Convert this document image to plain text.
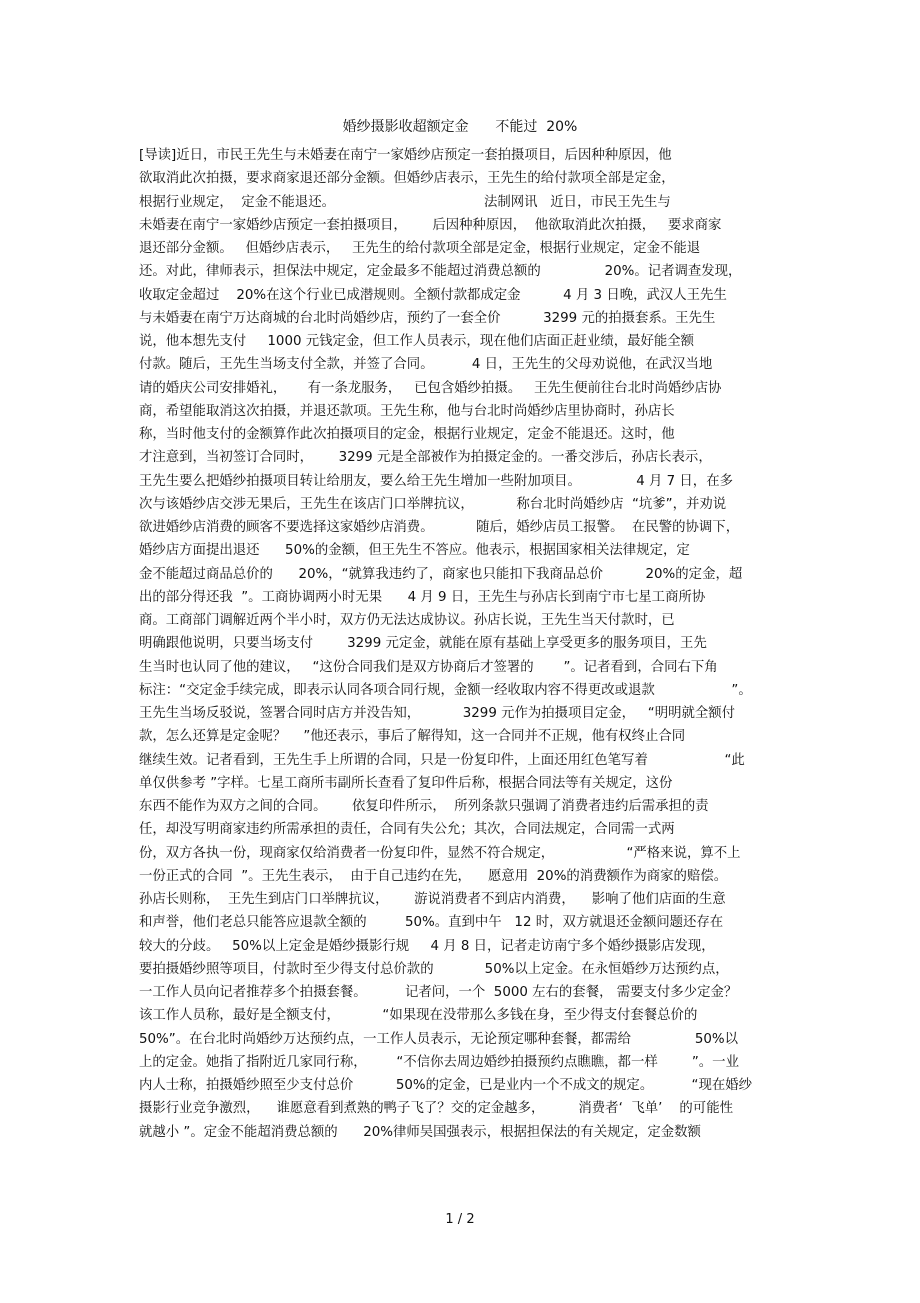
婚纱摄影收超额定金      不能过  20%
[导读]近日，市民王先生与未婚妻在南宁一家婚纱店预定一套拍摄项目，后因种种原因，他
欲取消此次拍摄，要求商家退还部分金额。但婚纱店表示，王先生的给付款项全部是定金，
根据行业规定，  定金不能退还。                                   法制网讯   近日，市民王先生与
未婚妻在南宁一家婚纱店预定一套拍摄项目，      后因种种原因，  他欲取消此次拍摄，   要求商家
退还部分金额。   但婚纱店表示，   王先生的给付款项全部是定金，根据行业规定，定金不能退
还。对此，律师表示，担保法中规定，定金最多不能超过消费总额的               20%。记者调查发现，
收取定金超过    20%在这个行业已成潜规则。全额付款都成定金          4 月 3 日晚，武汉人王先生
与未婚妻在南宁万达商城的台北时尚婚纱店，预约了一套全价          3299 元的拍摄套系。王先生
说，他本想先支付     1000 元钱定金，但工作人员表示，现在他们店面正赶业绩，最好能全额
付款。随后，王先生当场支付全款，并签了合同。         4 日，王先生的父母劝说他，在武汉当地
请的婚庆公司安排婚礼，     有一条龙服务，   已包含婚纱拍摄。   王先生便前往台北时尚婚纱店协
商，希望能取消这次拍摄，并退还款项。王先生称，他与台北时尚婚纱店里协商时，孙店长
称，当时他支付的金额算作此次拍摄项目的定金，根据行业规定，定金不能退还。这时，他
才注意到，当初签订合同时，      3299 元是全部被作为拍摄定金的。一番交涉后，孙店长表示，
王先生要么把婚纱拍摄项目转让给朋友，要么给王先生增加一些附加项目。             4 月 7 日，在多
次与该婚纱店交涉无果后，王先生在该店门口举牌抗议，          称台北时尚婚纱店  “坑爹”，并劝说
欲进婚纱店消费的顾客不要选择这家婚纱店消费。          随后，婚纱店员工报警。  在民警的协调下，
婚纱店方面提出退还      50%的金额，但王先生不答应。他表示，根据国家相关法律规定，定
金不能超过商品总价的      20%，“就算我违约了，商家也只能扣下我商品总价          20%的定金，超
出的部分得还我  ”。工商协调两小时无果      4 月 9 日，王先生与孙店长到南宁市七星工商所协
商。工商部门调解近两个半小时，双方仍无法达成协议。孙店长说，王先生当天付款时，已
明确跟他说明，只要当场支付        3299 元定金，就能在原有基础上享受更多的服务项目，王先
生当时也认同了他的建议，   “这份合同我们是双方协商后才签署的       ”。记者看到，合同右下角
标注：“交定金手续完成，即表示认同各项合同行规，金额一经收取内容不得更改或退款                  ”。
王先生当场反驳说，签署合同时店方并没告知，          3299 元作为拍摄项目定金，   “明明就全额付
款，怎么还算是定金呢？    ”他还表示，事后了解得知，这一合同并不正规，他有权终止合同
继续生效。记者看到，王先生手上所谓的合同，只是一份复印件，上面还用红色笔写着                  “此
单仅供参考 ”字样。七星工商所韦副所长查看了复印件后称，根据合同法等有关规定，这份
东西不能作为双方之间的合同。      依复印件所示，  所列条款只强调了消费者违约后需承担的责
任，却没写明商家违约所需承担的责任，合同有失公允；其次，合同法规定，合同需一式两
份，双方各执一份，现商家仅给消费者一份复印件，显然不符合规定，                 “严格来说，算不上
一份正式的合同  ”。王先生表示，  由于自己违约在先，    愿意用  20%的消费额作为商家的赔偿。
孙店长则称，  王先生到店门口举牌抗议，      游说消费者不到店内消费，    影响了他们店面的生意
和声誉，他们老总只能答应退款全额的         50%。直到中午   12 时，双方就退还金额问题还存在
较大的分歧。   50%以上定金是婚纱摄影行规     4 月 8 日，记者走访南宁多个婚纱摄影店发现，
要拍摄婚纱照等项目，付款时至少得支付总价款的            50%以上定金。在永恒婚纱万达预约点，
一工作人员向记者推荐多个拍摄套餐。         记者问，一个  5000 左右的套餐， 需要支付多少定金？
该工作人员称，最好是全额支付，          “如果现在没带那么多钱在身，至少得支付套餐总价的
50%”。在台北时尚婚纱万达预约点，一工作人员表示，无论预定哪种套餐，都需给               50%以
上的定金。她指了指附近几家同行称，       “不信你去周边婚纱拍摄预约点瞧瞧，都一样        ”。一业
内人士称，拍摄婚纱照至少支付总价          50%的定金，已是业内一个不成文的规定。         “现在婚纱
摄影行业竞争激烈，    谁愿意看到煮熟的鸭子飞了？交的定金越多，        消费者‘  飞单’    的可能性
就越小 ”。定金不能超消费总额的      20%律师吴国强表示，根据担保法的有关规定，定金数额
1 / 2
